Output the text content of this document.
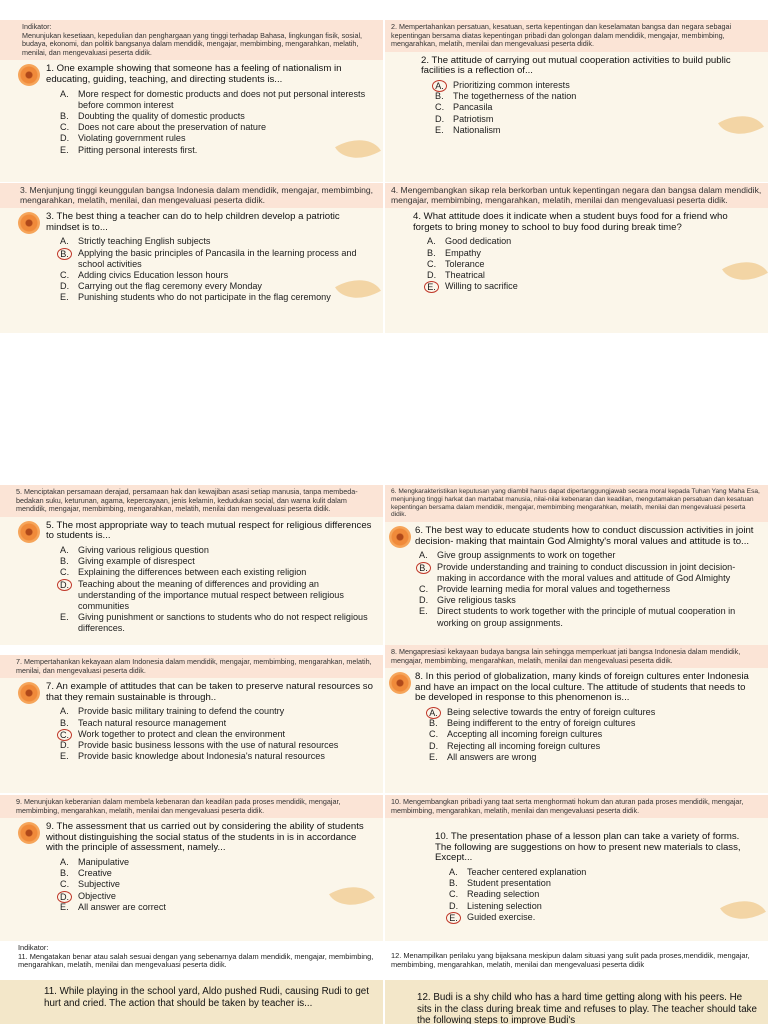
Indikator:
Menunjukan kesetiaan, kepedulian dan penghargaan yang tinggi terhadap Bahasa, lingkungan fisik, sosial, budaya, ekonomi, dan politik bangsanya dalam mendidik, mengajar, membimbing, mengarahkan, melatih, menilai, dan mengevaluasi peserta didik.
1. One example showing that someone has a feeling of nationalism in educating, guiding, teaching, and directing students is...
A. More respect for domestic products and does not put personal interests before common interest
B. Doubting the quality of domestic products
C. Does not care about the preservation of nature
D. Violating government rules
E. Pitting personal interests first.
2. Mempertahankan persatuan, kesatuan, serta kepentingan dan keselamatan bangsa dan negara sebagai kepentingan bersama diatas kepentingan pribadi dan golongan dalam mendidik, mengajar, membimbing, mengarahkan, melatih, menilai dan mengevaluasi peserta didik.
2. The attitude of carrying out mutual cooperation activities to build public facilities is a reflection of...
A.	Prioritizing common interests
B. The togetherness of the nation
C. Pancasila
D. Patriotism
E. Nationalism
3. Menjunjung tinggi keunggulan bangsa Indonesia dalam mendidik, mengajar, membimbing, mengarahkan, melatih, menilai, dan mengevaluasi peserta didik.
3. The best thing a teacher can do to help children develop a patriotic mindset is to...
A. Strictly teaching English subjects
B.	Applying the basic principles of Pancasila in the learning process and school activities
C. Adding civics Education lesson hours
D. Carrying out the flag ceremony every Monday
E. Punishing students who do not participate in the flag ceremony
4. Mengembangkan sikap rela berkorban untuk kepentingan negara dan bangsa dalam mendidik, mengajar, membimbing, mengarahkan, melatih, menilai dan mengevaluasi peserta didik.
4. What attitude does it indicate when a student buys food for a friend who forgets to bring money to school to buy food during break time?
A. Good dedication
B. Empathy
C. Tolerance
D. Theatrical
E.	Willing to sacrifice
5. Menciptakan persamaan derajad, persamaan hak dan kewajiban asasi setiap manusia, tanpa membeda-bedakan suku, keturunan, agama, kepercayaan, jenis kelamin, kedudukan social, dan warna kulit dalam mendidik, mengajar, membimbing, mengarahkan, melatih, menilai dan mengevaluasi peserta didik.
5. The most appropriate way to teach mutual respect for religious differences to students is...
A. Giving various religious question
B. Giving example of disrespect
C. Explaining the differences between each existing religion
D. Teaching about the meaning of differences and providing an understanding of the importance mutual respect between religious communities
E. Giving punishment or sanctions to students who do not respect religious differences.
6. Mengkarakteristikan keputusan yang diambil harus dapat dipertanggungjawab secara moral kepada Tuhan Yang Maha Esa, menjunjung tinggi harkat dan martabat manusia, nilai-nilai kebenaran dan keadilan, mengutamakan persatuan dan kesatuan kepentingan bersama dalam mendidik, mengajar, membimbing mengarahkan, melatih, menilai dan mengevaluasi peserta didik.
6. The best way to educate students how to conduct discussion activities in joint decision- making that maintain God Almighty's moral values and attitude is to...
A. Give group assignments to work on together
B.	Provide understanding and training to conduct discussion in joint decision-making in accordance with the moral values and attitude of God Almighty
C. Provide learning media for moral values and togetherness
D. Give religious tasks
E. Direct students to work together with the principle of mutual cooperation in working on group assignments.
7. Mempertahankan kekayaan alam Indonesia dalam mendidik, mengajar, membimbing, mengarahkan, melatih, menilai, dan mengevaluasi peserta didik.
7. An example of attitudes that can be taken to preserve natural resources so that they remain sustainable is through..
A. Provide basic military training to defend the country
B. Teach natural resource management
C. Work together to protect and clean the environment
D. Provide basic business lessons with the use of natural resources
E. Provide basic knowledge about Indonesia's natural resources
8. Mengapresiasi kekayaan budaya bangsa lain sehingga memperkuat jati bangsa Indonesia dalam mendidik, mengajar, membimbing, mengarahkan, melatih, menilai dan mengevaluasi peserta didik.
8. In this period of globalization, many kinds of foreign cultures enter Indonesia and have an impact on the local culture. The attitude of students that needs to be developed in response to this phenomenon is...
A.	Being selective towards the entry of foreign cultures
B. Being indifferent to the entry of foreign cultures
C. Accepting all incoming foreign cultures
D. Rejecting all incoming foreign cultures
E. All answers are wrong
9. Menunjukan keberanian dalam membela kebenaran dan keadilan pada proses mendidik, mengajar, membimbing, mengarahkan, melatih, menilai dan mengevaluasi peserta didik.
9. The assessment that us carried out by considering the ability of students without distinguishing the social status of the students in is in accordance with the principle of assessment, namely...
A. Manipulative
B. Creative
C. Subjective
D. Objective
E. All answer are correct
10. Mengembangkan pribadi yang taat serta menghormati hokum dan aturan pada proses mendidik, mengajar, membimbing, mengarahkan, melatih, menilai dan mengevaluasi peserta didik.
10. The presentation phase of a lesson plan can take a variety of forms. The following are suggestions on how to present new materials to class, Except...
A. Teacher centered explanation
B. Student presentation
C. Reading selection
D. Listening selection
E.	Guided exercise.
Indikator:
11. Mengatakan benar atau salah sesuai dengan yang sebenarnya dalam mendidik, mengajar, membimbing, mengarahkan, melatih, menilai dan mengevaluasi peserta didik.
12. Menampilkan perilaku yang bijaksana meskipun dalam situasi yang sulit pada proses,mendidik, mengajar, membimbing, mengarahkan, melatih, menilai dan mengevaluasi peserta didik
11. While playing in the school yard, Aldo pushed Rudi, causing Rudi to get hurt and cried. The action that should be taken by teacher is...	12. Budi is a shy child who has a hard time getting along with his peers. He sits in the class during break time and refuses to play. The teacher should take the following steps to improve Budi's
